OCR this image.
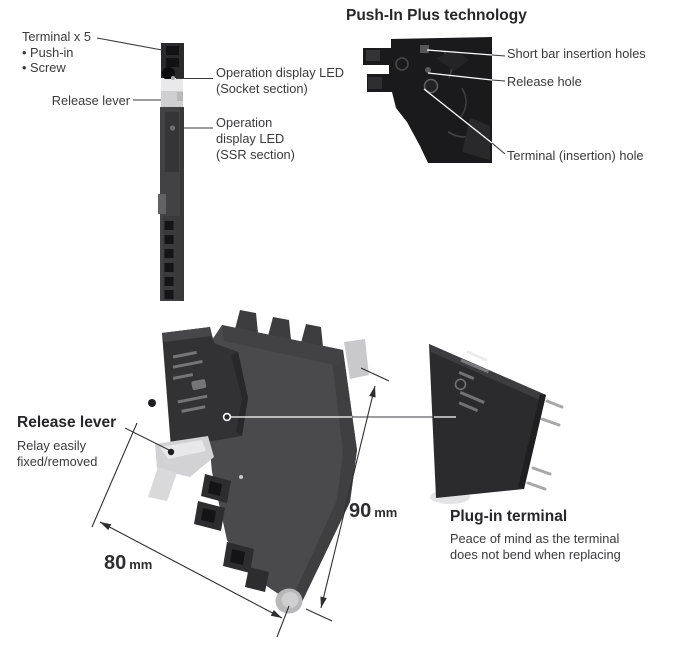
Terminal x 5
• Push-in
• Screw
Release lever
Operation display LED
(Socket section)
Operation
display LED
(SSR section)
Push-In Plus technology
Short bar insertion holes
Release hole
Terminal (insertion) hole
Release lever
Relay easily
fixed/removed
80 mm
90 mm	Plug-in terminal
Peace of mind as the terminal
does not bend when replacing
